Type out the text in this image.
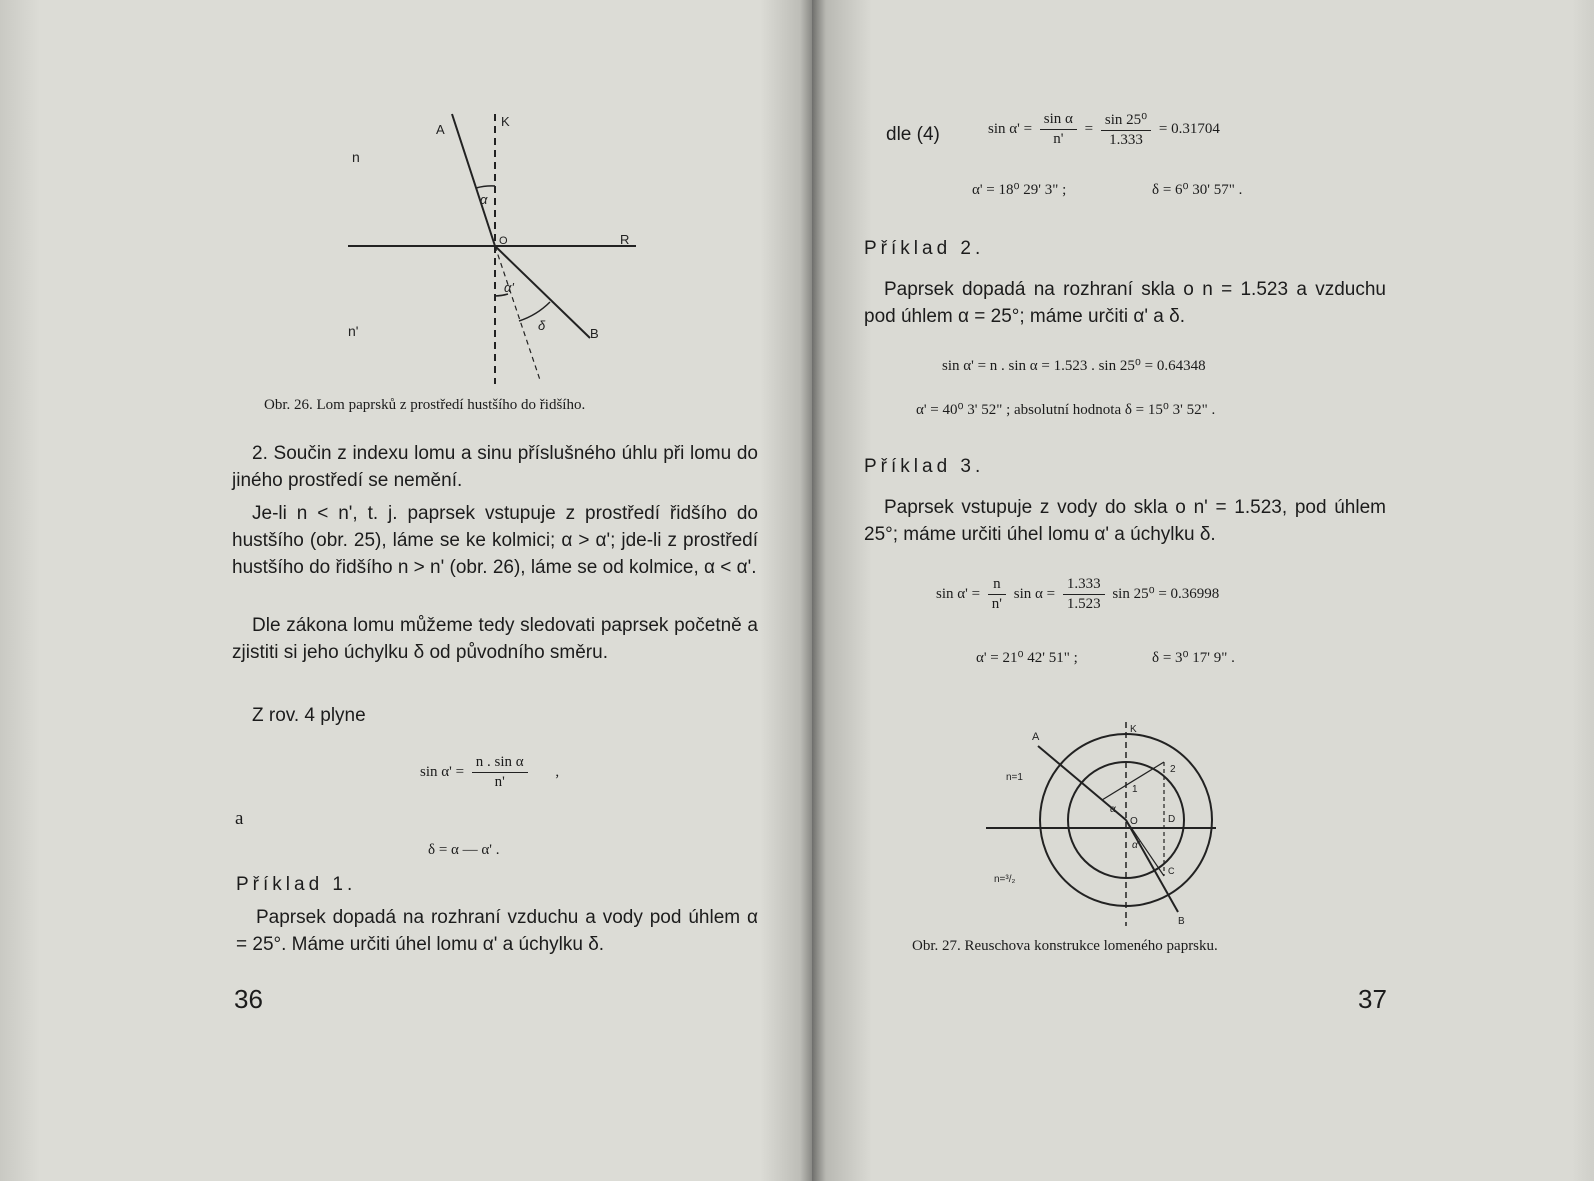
A
K
n
n'
O	R
B
α
α'
δ
Obr. 26. Lom paprsků z prostředí hustšího do řidšího.

2. Součin z indexu lomu a sinu příslušného úhlu při lomu do jiného prostředí se nemění.

Je-li n < n', t. j. paprsek vstupuje z prostředí řidšího do hustšího (obr. 25), láme se ke kolmici; α > α'; jde-li z prostředí hustšího do řidšího n > n' (obr. 26), láme se od kolmice, α < α'.

Dle zákona lomu můžeme tedy sledovati paprsek početně a zjistiti si jeho úchylku δ od původního směru.

Z rov. 4 plyne

$\sin \alpha' = \frac{\text{n . sin α}}{n'}$ ,
a
δ = α — α' .
Příklad 1.

Paprsek dopadá na rozhraní vzduchu a vody pod úhlem α = 25°. Máme určiti úhel lomu α' a úchylku δ.

36
dle (4)	$\sin \alpha' = \frac{\text{sin α}}{n'} = \frac{\text{sin 25⁰}}{1.333} = 0.31704$
α' = 18⁰ 29' 3" ;	δ = 6⁰ 30' 57" .
Příklad 2.

Paprsek dopadá na rozhraní skla o n = 1.523 a vzduchu pod úhlem α = 25°; máme určiti α' a δ.

sin α' = n . sin α = 1.523 . sin 25⁰ = 0.64348
α' = 40⁰ 3' 52" ; absolutní hodnota δ = 15⁰ 3' 52" .
Příklad 3.

Paprsek vstupuje z vody do skla o n' = 1.523, pod úhlem 25°; máme určiti úhel lomu α' a úchylku δ.

$\sin \alpha' = \frac{n}{n'}$ $\sin \alpha = \frac{1.333}{1.523}$ sin 25⁰ = 0.36998
α' = 21⁰ 42' 51" ;	δ = 3⁰ 17' 9" .
A
K
n=1
n=³/₂
O	D
C
B
1
2
α
α'
Obr. 27. Reuschova konstrukce lomeného paprsku.
37
